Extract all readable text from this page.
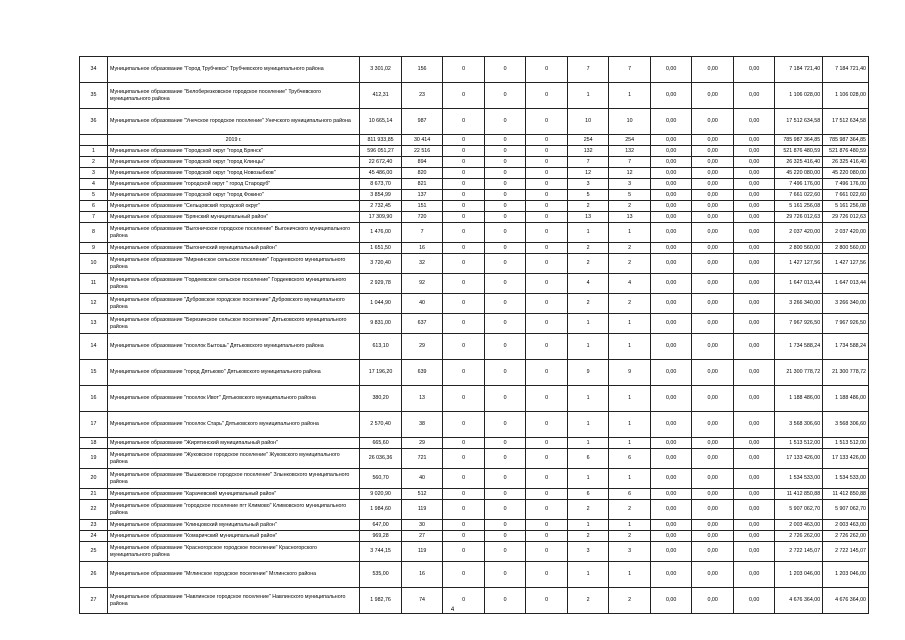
34	Муниципальное образование "Город Трубчевск" Трубчевского муниципального района	3 301,02	156	0	0	0	7	7	0,00	0,00	0,00	7 184 721,40	7 184 721,40
35	Муниципальное образование "Белоберезковское городское поселение" Трубчевского муниципального района	412,31	23	0	0	0	1	1	0,00	0,00	0,00	1 106 028,00	1 106 028,00
36	Муниципальное образование "Унечское городское поселение" Унечского муниципального района	10 665,14	987	0	0	0	10	10	0,00	0,00	0,00	17 512 634,58	17 512 634,58
	2019 г.	811 933,85	30 414	0	0	0	254	254	0,00	0,00	0,00	785 987 364,85	785 987 364,85
1	Муниципальное образование "Городской округ "город Брянск"	596 051,27	22 516	0	0	0	132	132	0,00	0,00	0,00	521 876 480,59	521 876 480,59
2	Муниципальное образование "Городской округ "город Клинцы"	22 672,40	894	0	0	0	7	7	0,00	0,00	0,00	26 325 416,40	26 325 416,40
3	Муниципальное образование "Городской округ "город Новозыбков"	45 486,00	820	0	0	0	12	12	0,00	0,00	0,00	45 220 080,00	45 220 080,00
4	Муниципальное образование "городской округ " город Стародуб"	8 673,70	821	0	0	0	3	3	0,00	0,00	0,00	7 496 176,00	7 496 176,00
5	Муниципальное образование "Городской округ "город Фокино"	3 854,99	137	0	0	0	5	5	0,00	0,00	0,00	7 661 022,60	7 661 022,60
6	Муниципальное образование "Сельцовский городской округ"	2 732,45	151	0	0	0	2	2	0,00	0,00	0,00	5 161 256,08	5 161 256,08
7	Муниципальное образование "Брянский муниципальный район"	17 309,90	720	0	0	0	13	13	0,00	0,00	0,00	29 726 012,63	29 726 012,63
8	Муниципальное образование "Выгоничское городское поселение" Выгоничского муниципального района	1 476,00	7	0	0	0	1	1	0,00	0,00	0,00	2 037 420,00	2 037 420,00
9	Муниципальное образование "Выгоничский муниципальный район"	1 651,50	16	0	0	0	2	2	0,00	0,00	0,00	2 800 560,00	2 800 560,00
10	Муниципальное образование "Мирнинское сельское поселение" Гордеевского муниципального района	3 720,40	32	0	0	0	2	2	0,00	0,00	0,00	1 427 127,56	1 427 127,56
11	Муниципальное образование "Гордеевское сельское поселение" Гордеевского муниципального района	2 929,78	92	0	0	0	4	4	0,00	0,00	0,00	1 647 013,44	1 647 013,44
12	Муниципальное образование "Дубровское городское поселение" Дубровского муниципального района	1 044,90	40	0	0	0	2	2	0,00	0,00	0,00	3 266 340,00	3 266 340,00
13	Муниципальное образование "Березинское сельское поселение" Дятьковского муниципального района	9 831,00	637	0	0	0	1	1	0,00	0,00	0,00	7 967 926,50	7 967 926,50
14	Муниципальное образование "поселок Бытошь" Дятьковского муниципального района	613,10	29	0	0	0	1	1	0,00	0,00	0,00	1 734 588,24	1 734 588,24
15	Муниципальное образование "город Дятьково" Дятьковского муниципального района	17 196,20	639	0	0	0	9	9	0,00	0,00	0,00	21 300 778,72	21 300 778,72
16	Муниципальное образование "поселок Ивот" Дятьковского муниципального района	380,20	13	0	0	0	1	1	0,00	0,00	0,00	1 188 486,00	1 188 486,00
17	Муниципальное образование "поселок Старь" Дятьковского муниципального района	2 570,40	38	0	0	0	1	1	0,00	0,00	0,00	3 568 306,60	3 568 306,60
18	Муниципальное образование "Жирятинский муниципальный район"	665,60	29	0	0	0	1	1	0,00	0,00	0,00	1 513 512,00	1 513 512,00
19	Муниципальное образование "Жуковское городское поселение" Жуковского муниципального района	26 036,36	721	0	0	0	6	6	0,00	0,00	0,00	17 133 426,00	17 133 426,00
20	Муниципальное образование "Вышковское городское поселение" Злынковского муниципального района	560,70	40	0	0	0	1	1	0,00	0,00	0,00	1 534 533,00	1 534 533,00
21	Муниципальное образование "Карачевский муниципальный район"	9 020,90	512	0	0	0	6	6	0,00	0,00	0,00	11 412 850,88	11 412 850,88
22	Муниципальное образование "городское поселение пгт Климово" Климовского муниципального района	1 984,60	119	0	0	0	2	2	0,00	0,00	0,00	5 907 062,70	5 907 062,70
23	Муниципальное образование "Клинцовский муниципальный район"	647,00	30	0	0	0	1	1	0,00	0,00	0,00	2 003 463,00	2 003 463,00
24	Муниципальное образование "Комаричский муниципальный район"	969,28	27	0	0	0	2	2	0,00	0,00	0,00	2 726 262,00	2 726 262,00
25	Муниципальное образование "Красногорское городское поселение" Красногорского муниципального района	3 744,15	119	0	0	0	3	3	0,00	0,00	0,00	2 722 145,07	2 722 145,07
26	Муниципальное образование "Мглинское городское поселение" Мглинского района	535,00	16	0	0	0	1	1	0,00	0,00	0,00	1 203 046,00	1 203 046,00
27	Муниципальное образование "Навлинское городское поселение" Навлинского муниципального района	1 982,76	74	0	0	0	2	2	0,00	0,00	0,00	4 676 364,00	4 676 364,00
4
